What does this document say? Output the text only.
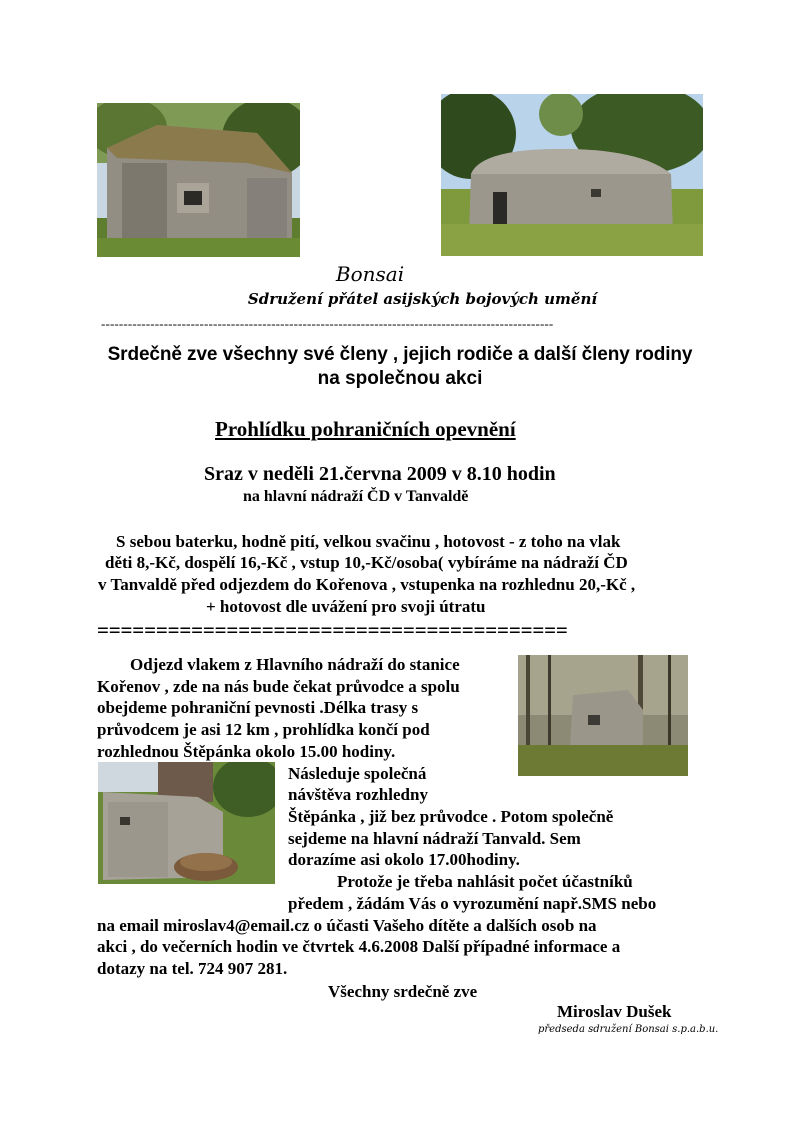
Bonsai
Sdružení přátel asijských bojových umění
-----------------------------------------------------------------------------------------------------
Srdečně zve všechny své členy , jejich rodiče a další členy rodiny
na společnou akci
Prohlídku pohraničních opevnění
Sraz v neděli 21.června 2009 v 8.10 hodin
na hlavní nádraží ČD v Tanvaldě
S sebou baterku, hodně pití, velkou svačinu , hotovost - z toho na vlak
děti 8,-Kč, dospělí 16,-Kč , vstup 10,-Kč/osoba( vybíráme na nádraží ČD
v Tanvaldě před odjezdem do Kořenova , vstupenka na rozhlednu 20,-Kč ,
+ hotovost dle uvážení pro svoji útratu
========================================
Odjezd vlakem z Hlavního nádraží do stanice
Kořenov , zde na nás bude čekat průvodce a spolu
obejdeme pohraniční pevnosti .Délka trasy s
průvodcem je asi 12 km , prohlídka končí pod
rozhlednou Štěpánka okolo 15.00 hodiny.
Následuje společná
návštěva rozhledny
Štěpánka , již bez průvodce . Potom společně
sejdeme na hlavní nádraží Tanvald. Sem
dorazíme asi okolo 17.00hodiny.
Protože je třeba nahlásit počet účastníků
předem , žádám Vás o vyrozumění např.SMS nebo
na email miroslav4@email.cz o účasti Vašeho dítěte a dalších osob na
akci , do večerních hodin ve čtvrtek 4.6.2008 Další případné informace a
dotazy na tel. 724 907 281.
Všechny srdečně zve
Miroslav Dušek
předseda sdružení Bonsai s.p.a.b.u.
